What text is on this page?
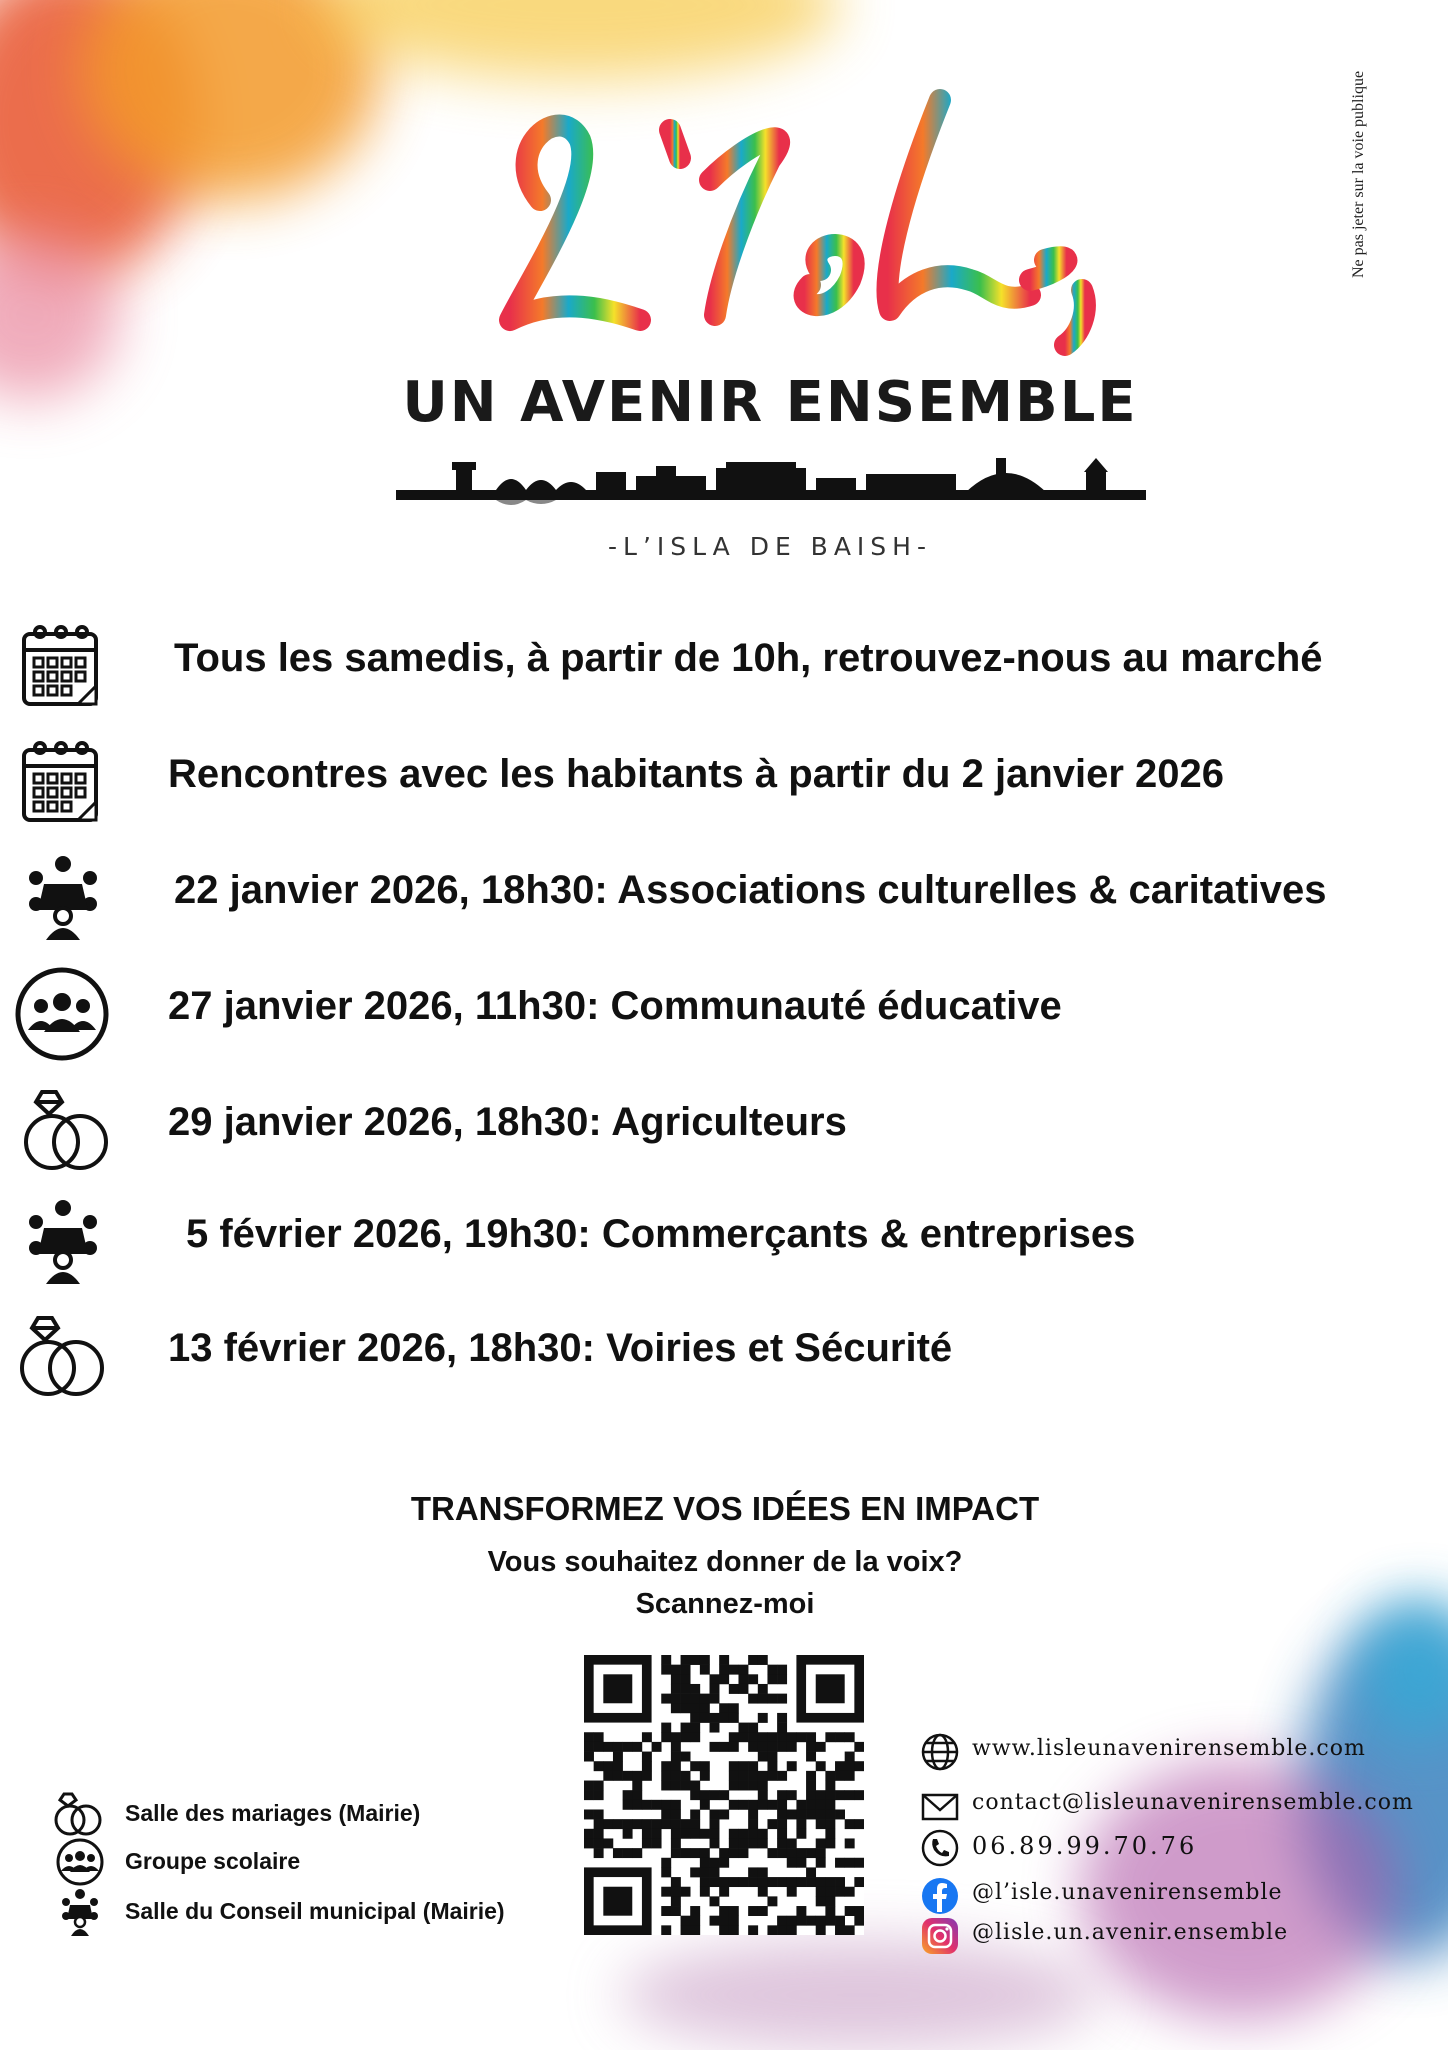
Ne pas jeter sur la voie publique
UN AVENIR ENSEMBLE
-L’ISLA DE BAISH-
Tous les samedis, à partir de 10h, retrouvez-nous au marché
Rencontres avec les habitants à partir du 2 janvier 2026
22 janvier 2026, 18h30: Associations culturelles & caritatives
27 janvier 2026, 11h30: Communauté éducative
29 janvier 2026, 18h30: Agriculteurs
5 février 2026, 19h30: Commerçants & entreprises
13 février 2026, 18h30: Voiries et Sécurité
TRANSFORMEZ VOS IDÉES EN IMPACT
Vous souhaitez donner de la voix?
Scannez-moi
Salle des mariages (Mairie)
Groupe scolaire
Salle du Conseil municipal (Mairie)
www.lisleunavenirensemble.com
contact@lisleunavenirensemble.com
06.89.99.70.76
@l’isle.unavenirensemble
@lisle.un.avenir.ensemble
